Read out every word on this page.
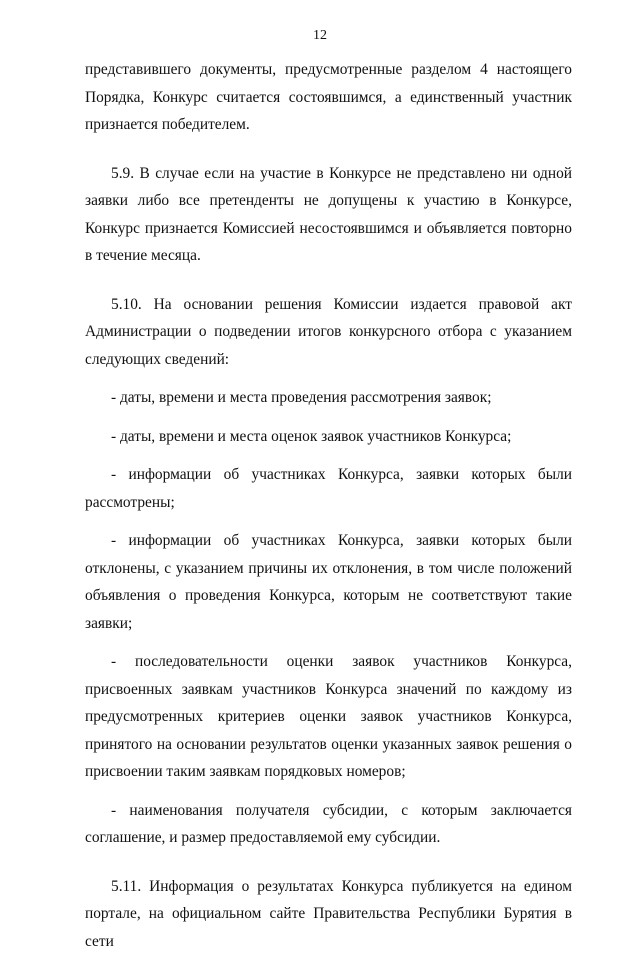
12

представившего документы, предусмотренные разделом 4 настоящего Порядка, Конкурс считается состоявшимся, а единственный участник признается победителем.

5.9. В случае если на участие в Конкурсе не представлено ни одной заявки либо все претенденты не допущены к участию в Конкурсе, Конкурс признается Комиссией несостоявшимся и объявляется повторно в течение месяца.

5.10. На основании решения Комиссии издается правовой акт Администрации о подведении итогов конкурсного отбора с указанием следующих сведений:

- даты, времени и места проведения рассмотрения заявок;

- даты, времени и места оценок заявок участников Конкурса;

- информации об участниках Конкурса, заявки которых были рассмотрены;

- информации об участниках Конкурса, заявки которых были отклонены, с указанием причины их отклонения, в том числе положений объявления о проведения Конкурса, которым не соответствуют такие заявки;

- последовательности оценки заявок участников Конкурса, присвоенных заявкам участников Конкурса значений по каждому из предусмотренных критериев оценки заявок участников Конкурса, принятого на основании результатов оценки указанных заявок решения о присвоении таким заявкам порядковых номеров;

- наименования получателя субсидии, с которым заключается соглашение, и размер предоставляемой ему субсидии.

5.11. Информация о результатах Конкурса публикуется на едином портале, на официальном сайте Правительства Республики Бурятия в сети
